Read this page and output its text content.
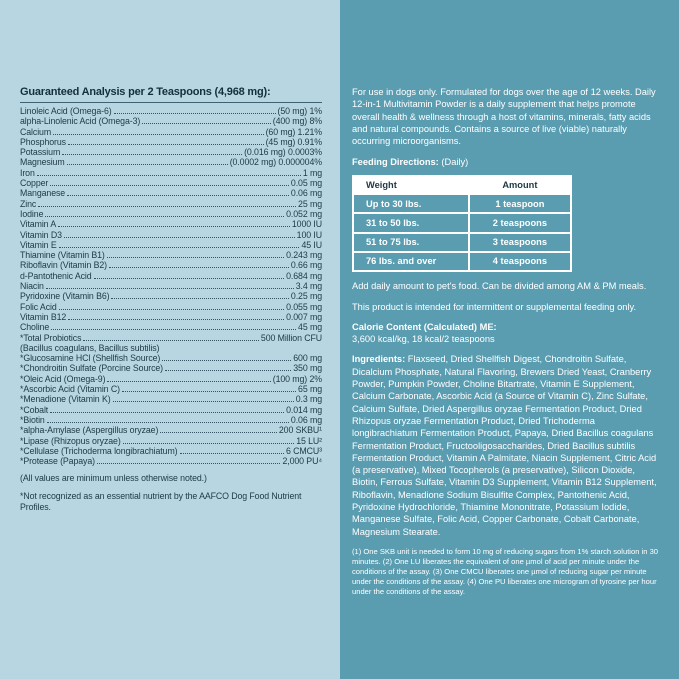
Guaranteed Analysis per 2 Teaspoons (4,968 mg):
Linoleic Acid (Omega-6)	(50 mg) 1%
alpha-Linolenic Acid (Omega-3)	(400 mg) 8%
Calcium	(60 mg) 1.21%
Phosphorus	(45 mg) 0.91%
Potassium	(0.016 mg) 0.0003%
Magnesium	(0.0002 mg) 0.000004%
Iron	1 mg
Copper	0.05 mg
Manganese	0.06 mg
Zinc	25 mg
Iodine	0.052 mg
Vitamin A	1000 IU
Vitamin D3	100 IU
Vitamin E	45 IU
Thiamine (Vitamin B1)	0.243 mg
Riboflavin (Vitamin B2)	0.66 mg
d-Pantothenic Acid	0.684 mg
Niacin	3.4 mg
Pyridoxine (Vitamin B6)	0.25 mg
Folic Acid	0.055 mg
Vitamin B12	0.007 mg
Choline	45 mg
*Total Probiotics	500 Million CFU
(Bacillus coagulans, Bacillus subtilis)
*Glucosamine HCl (Shellfish Source)	600 mg
*Chondroitin Sulfate (Porcine Source)	350 mg
*Oleic Acid (Omega-9)	(100 mg) 2%
*Ascorbic Acid (Vitamin C)	65 mg
*Menadione (Vitamin K)	0.3 mg
*Cobalt	0.014 mg
*Biotin	0.06 mg
*alpha-Amylase (Aspergillus oryzae)	200 SKBU¹
*Lipase (Rhizopus oryzae)	15 LU²
*Cellulase (Trichoderma longibrachiatum)	6 CMCU³
*Protease (Papaya)	2,000 PU⁴
(All values are minimum unless otherwise noted.)
*Not recognized as an essential nutrient by the AAFCO Dog Food Nutrient Profiles.

For use in dogs only. Formulated for dogs over the age of 12 weeks. Daily 12-in-1 Multivitamin Powder is a daily supplement that helps promote overall health & wellness through a host of vitamins, minerals, fatty acids and natural compounds. Contains a source of live (viable) naturally occurring microorganisms.

Feeding Directions: (Daily)
Weight	Amount
Up to 30 lbs.	1 teaspoon
31 to 50 lbs.	2 teaspoons
51 to 75 lbs.	3 teaspoons
76 lbs. and over	4 teaspoons

Add daily amount to pet's food. Can be divided among AM & PM meals.

This product is intended for intermittent or supplemental feeding only.

Calorie Content (Calculated) ME:

3,600 kcal/kg, 18 kcal/2 teaspoons

Ingredients: Flaxseed, Dried Shellfish Digest, Chondroitin Sulfate, Dicalcium Phosphate, Natural Flavoring, Brewers Dried Yeast, Cranberry Powder, Pumpkin Powder, Choline Bitartrate, Vitamin E Supplement, Calcium Carbonate, Ascorbic Acid (a Source of Vitamin C), Zinc Sulfate, Calcium Sulfate, Dried Aspergillus oryzae Fermentation Product, Dried Rhizopus oryzae Fermentation Product, Dried Trichoderma longibrachiatum Fermentation Product, Papaya, Dried Bacillus coagulans Fermentation Product, Fructooligosaccharides, Dried Bacillus subtilis Fermentation Product, Vitamin A Palmitate, Niacin Supplement, Citric Acid (a preservative), Mixed Tocopherols (a preservative), Silicon Dioxide, Biotin, Ferrous Sulfate, Vitamin D3 Supplement, Vitamin B12 Supplement, Riboflavin, Menadione Sodium Bisulfite Complex, Pantothenic Acid, Pyridoxine Hydrochloride, Thiamine Mononitrate, Potassium Iodide, Manganese Sulfate, Folic Acid, Copper Carbonate, Cobalt Carbonate, Magnesium Stearate.

(1) One SKB unit is needed to form 10 mg of reducing sugars from 1% starch solution in 30 minutes. (2) One LU liberates the equivalent of one µmol of acid per minute under the conditions of the assay. (3) One CMCU liberates one µmol of reducing sugar per minute under the conditions of the assay. (4) One PU liberates one microgram of tyrosine per hour under the conditions of the assay.
